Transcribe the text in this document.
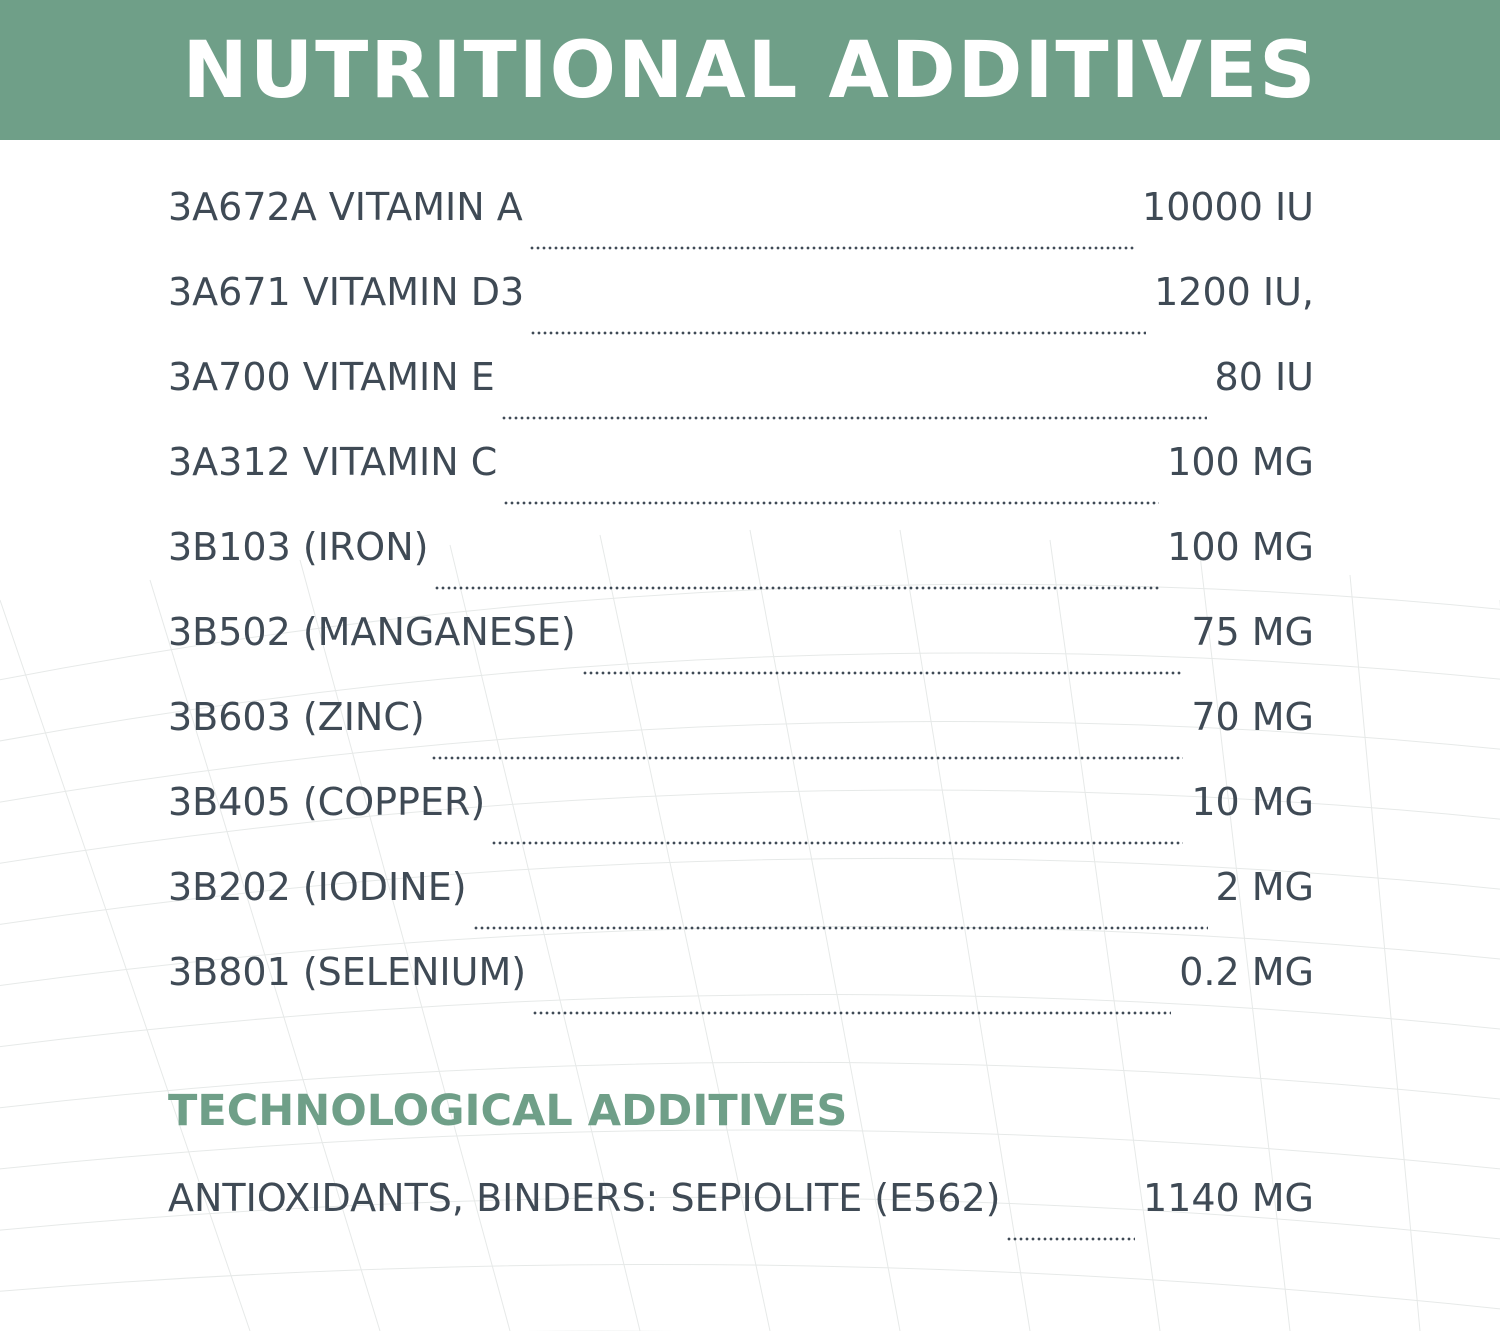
NUTRITIONAL ADDITIVES
3A672A VITAMIN A	10000 IU
3A671 VITAMIN D3	1200 IU,
3A700 VITAMIN E	80 IU
3A312 VITAMIN C	100 MG
3B103 (IRON)	100 MG
3B502 (MANGANESE)	75 MG
3B603 (ZINC)	70 MG
3B405 (COPPER)	10 MG
3B202 (IODINE)	2 MG
3B801 (SELENIUM)	0.2 MG
TECHNOLOGICAL ADDITIVES
ANTIOXIDANTS, BINDERS: SEPIOLITE (E562)	1140 MG
